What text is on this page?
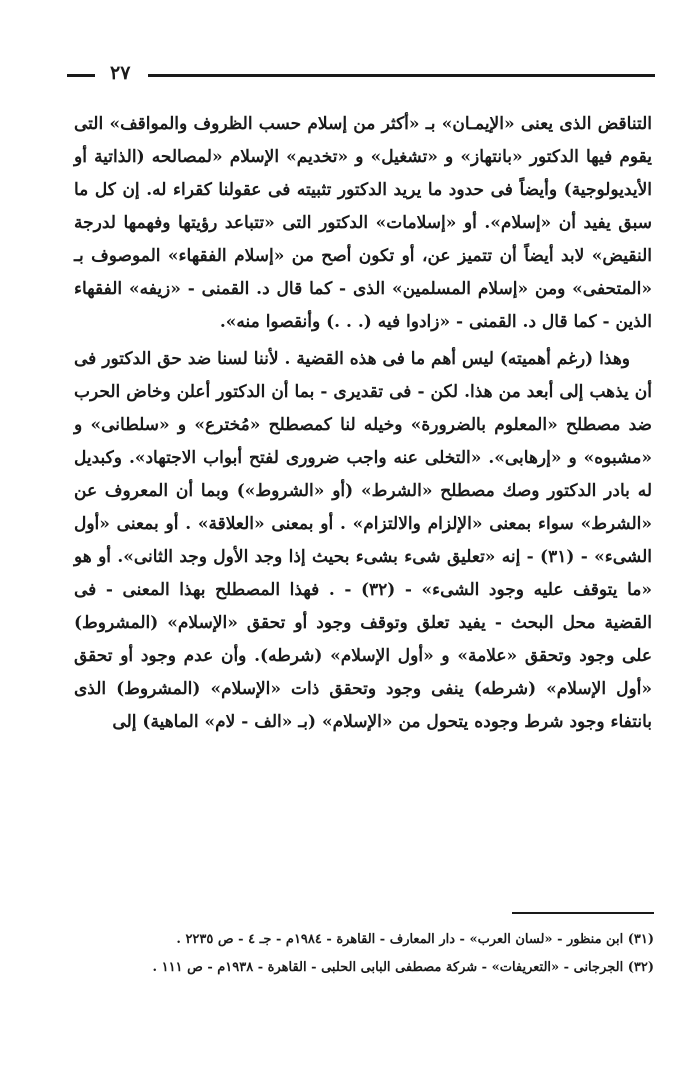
٢٧

التناقض الذى يعنى «الإيمـان» بـ «أكثر من إسلام حسب الظروف والمواقف» التى يقوم فيها الدكتور «بانتهاز» و «تشغيل» و «تخديم» الإسلام «لمصالحه (الذاتية أو الأيديولوجية) وأيضاً فى حدود ما يريد الدكتور تثبيته فى عقولنا كقراء له. إن كل ما سبق يفيد أن «إسلام». أو «إسلامات» الدكتور التى «تتباعد رؤيتها وفهمها لدرجة النقيض» لابد أيضاً أن تتميز عن، أو تكون أصح من «إسلام الفقهاء» الموصوف بـ «المتحفى» ومن «إسلام المسلمين» الذى - كما قال د. القمنى - «زيفه» الفقهاء الذين - كما قال د. القمنى - «زادوا فيه (. . .) وأنقصوا منه».

وهذا (رغم أهميته) ليس أهم ما فى هذه القضية . لأننا لسنا ضد حق الدكتور فى أن يذهب إلى أبعد من هذا. لكن - فى تقديرى - بما أن الدكتور أعلن وخاض الحرب ضد مصطلح «المعلوم بالضرورة» وخيله لنا كمصطلح «مُخترع» و «سلطانى» و «مشبوه» و «إرهابى». «التخلى عنه واجب ضرورى لفتح أبواب الاجتهاد». وكبديل له بادر الدكتور وصك مصطلح «الشرط» (أو «الشروط») وبما أن المعروف عن «الشرط» سواء بمعنى «الإلزام والالتزام» . أو بمعنى «العلاقة» . أو بمعنى «أول الشىء» - (٣١) - إنه «تعليق شىء بشىء بحيث إذا وجد الأول وجد الثانى». أو هو «ما يتوقف عليه وجود الشىء» - (٣٢) - . فهذا المصطلح بهذا المعنى - فى القضية محل البحث - يفيد تعلق وتوقف وجود أو تحقق «الإسلام» (المشروط) على وجود وتحقق «علامة» و «أول الإسلام» (شرطه). وأن عدم وجود أو تحقق «أول الإسلام» (شرطه) ينفى وجود وتحقق ذات «الإسلام» (المشروط) الذى بانتفاء وجود شرط وجوده يتحول من «الإسلام» (بـ «الف - لام» الماهية) إلى

(٣١) ابن منظور - «لسان العرب» - دار المعارف - القاهرة - ١٩٨٤م - جـ ٤ - ص ٢٢٣٥ .
(٣٢) الجرجانى - «التعريفات» - شركة مصطفى البابى الحلبى - القاهرة - ١٩٣٨م - ص ١١١ .
